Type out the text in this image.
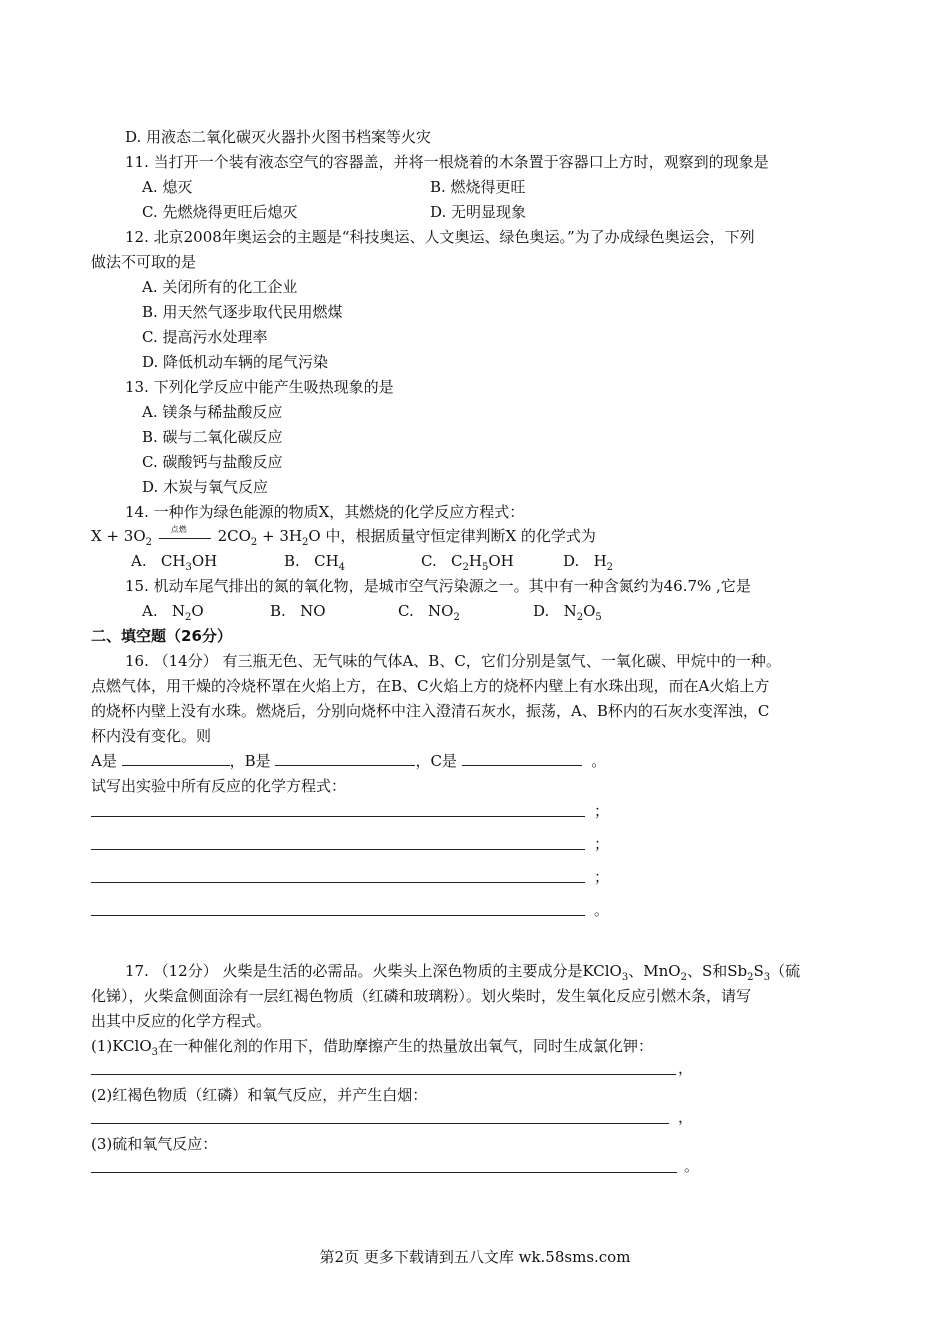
D. 用液态二氧化碳灭火器扑火图书档案等火灾
11. 当打开一个装有液态空气的容器盖，并将一根烧着的木条置于容器口上方时，观察到的现象是
A. 熄灭	B. 燃烧得更旺
C. 先燃烧得更旺后熄灭	D. 无明显现象
12. 北京2008年奥运会的主题是“科技奥运、人文奥运、绿色奥运。”为了办成绿色奥运会，下列
做法不可取的是
A. 关闭所有的化工企业
B. 用天然气逐步取代民用燃煤
C. 提高污水处理率
D. 降低机动车辆的尾气污染
13. 下列化学反应中能产生吸热现象的是
A. 镁条与稀盐酸反应
B. 碳与二氧化碳反应
C. 碳酸钙与盐酸反应
D. 木炭与氧气反应
14. 一种作为绿色能源的物质X，其燃烧的化学反应方程式：
$X + 3O_2$
点燃 $2CO_2 + 3H_2O$ 中，根据质量守恒定律判断X 的化学式为
A. $CH_3OH$	B. $CH_4$	C. $C_2H_5OH$	D. $H_2$
15. 机动车尾气排出的氮的氧化物，是城市空气污染源之一。其中有一种含氮约为46.7% ,它是
A. $N_2O$	B. NO	C. $NO_2$	D. $N_2O_5$
二、填空题（26分）
16. （14分） 有三瓶无色、无气味的气体A、B、C，它们分别是氢气、一氧化碳、甲烷中的一种。
点燃气体，用干燥的冷烧杯罩在火焰上方，在B、C火焰上方的烧杯内壁上有水珠出现，而在A火焰上方
的烧杯内壁上没有水珠。燃烧后，分别向烧杯中注入澄清石灰水，振荡，A、B杯内的石灰水变浑浊，C
杯内没有变化。则
A是	，B是	，C是	。
试写出实验中所有反应的化学方程式：
；
；
；
。
17. （12分） 火柴是生活的必需品。火柴头上深色物质的主要成分是KClO$_3$、MnO$_2$、S和$Sb_2S_3$（硫
化锑），火柴盒侧面涂有一层红褐色物质（红磷和玻璃粉）。划火柴时，发生氧化反应引燃木条，请写
出其中反应的化学方程式。
(1)KClO$_3$在一种催化剂的作用下，借助摩擦产生的热量放出氧气，同时生成氯化钾：
，
(2)红褐色物质（红磷）和氧气反应，并产生白烟：
，
(3)硫和氧气反应：
。
第2页 更多下载请到五八文库 wk.58sms.com
